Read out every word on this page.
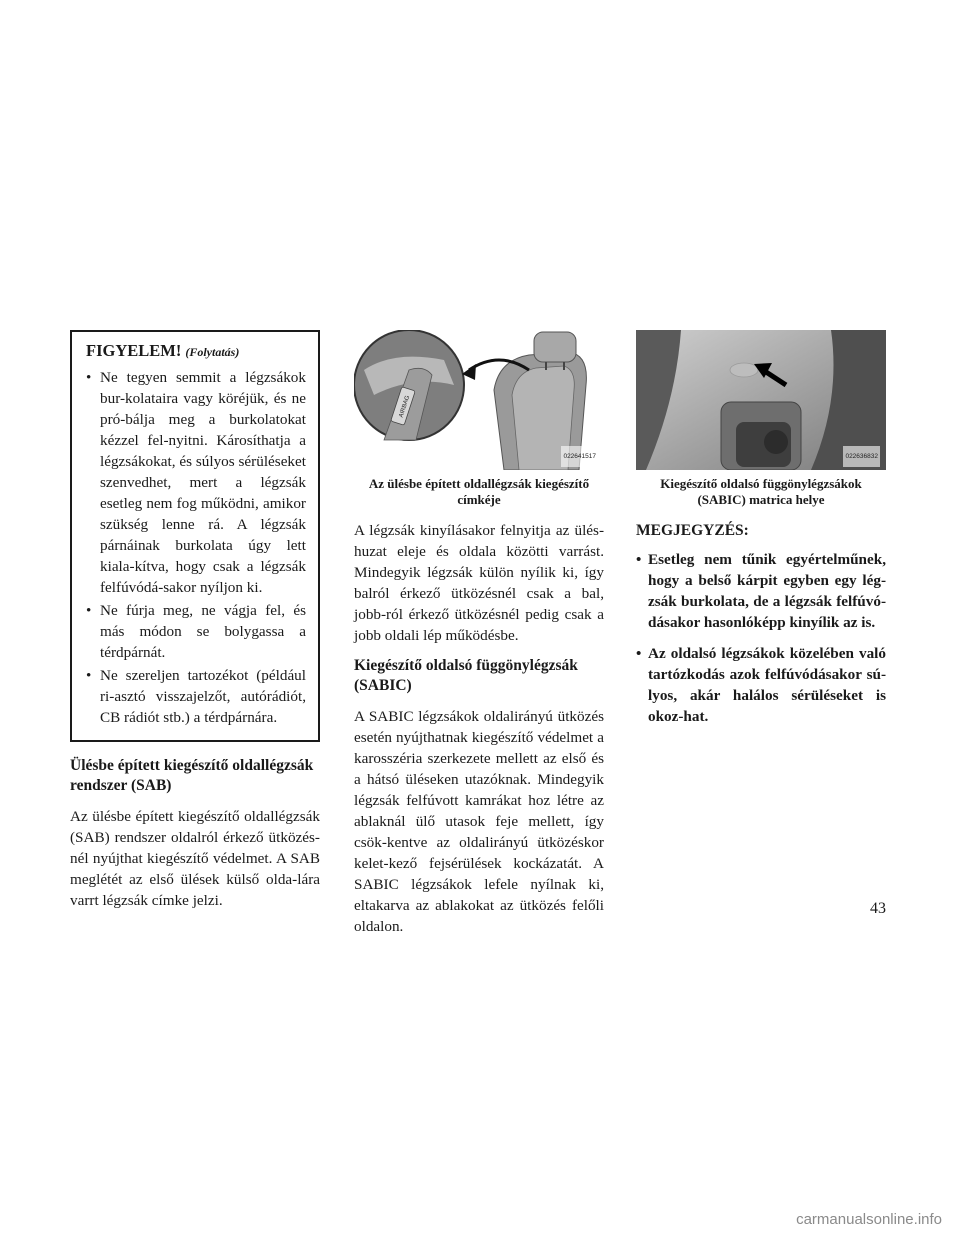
FIGYELEM! (Folytatás)
• Ne tegyen semmit a légzsákok bur-kolataira vagy köréjük, és ne pró-bálja meg a burkolatokat kézzel fel-nyitni. Károsíthatja a légzsákokat, és súlyos sérüléseket szenvedhet, mert a légzsák esetleg nem fog működni, amikor szükség lenne rá. A légzsák párnáinak burkolata úgy lett kiala-kítva, hogy csak a légzsák felfúvódá-sakor nyíljon ki.
• Ne fúrja meg, ne vágja fel, és más módon se bolygassa a térdpárnát.
• Ne szereljen tartozékot (például ri-asztó visszajelzőt, autórádiót, CB rádiót stb.) a térdpárnára.
Ülésbe épített kiegészítő oldallégzsák rendszer (SAB)

Az ülésbe épített kiegészítő oldallégzsák (SAB) rendszer oldalról érkező ütközés-nél nyújthat kiegészítő védelmet. A SAB meglétét az első ülések külső olda-lára varrt légzsák címke jelzi.

AIRBAG
022641517
Az ülésbe épített oldallégzsák kiegészítő címkéje

A légzsák kinyílásakor felnyitja az ülés-huzat eleje és oldala közötti varrást. Mindegyik légzsák külön nyílik ki, így balról érkező ütközésnél csak a bal, jobb-ról érkező ütközésnél pedig csak a jobb oldali lép működésbe.

Kiegészítő oldalsó függönylégzsák (SABIC)

A SABIC légzsákok oldalirányú ütközés esetén nyújthatnak kiegészítő védelmet a karosszéria szerkezete mellett az első és a hátsó üléseken utazóknak. Mindegyik légzsák felfúvott kamrákat hoz létre az ablaknál ülő utasok feje mellett, így csök-kentve az oldalirányú ütközéskor kelet-kező fejsérülések kockázatát. A SABIC légzsákok lefele nyílnak ki, eltakarva az ablakokat az ütközés felőli oldalon.

022636832
Kiegészítő oldalsó függönylégzsákok (SABIC) matrica helye
MEGJEGYZÉS:
• Esetleg nem tűnik egyértelműnek, hogy a belső kárpit egyben egy lég-zsák burkolata, de a légzsák felfúvó-dásakor hasonlóképp kinyílik az is.
• Az oldalsó légzsákok közelében való tartózkodás azok felfúvódásakor sú-lyos, akár halálos sérüléseket is okoz-hat.
43
carmanualsonline.info
